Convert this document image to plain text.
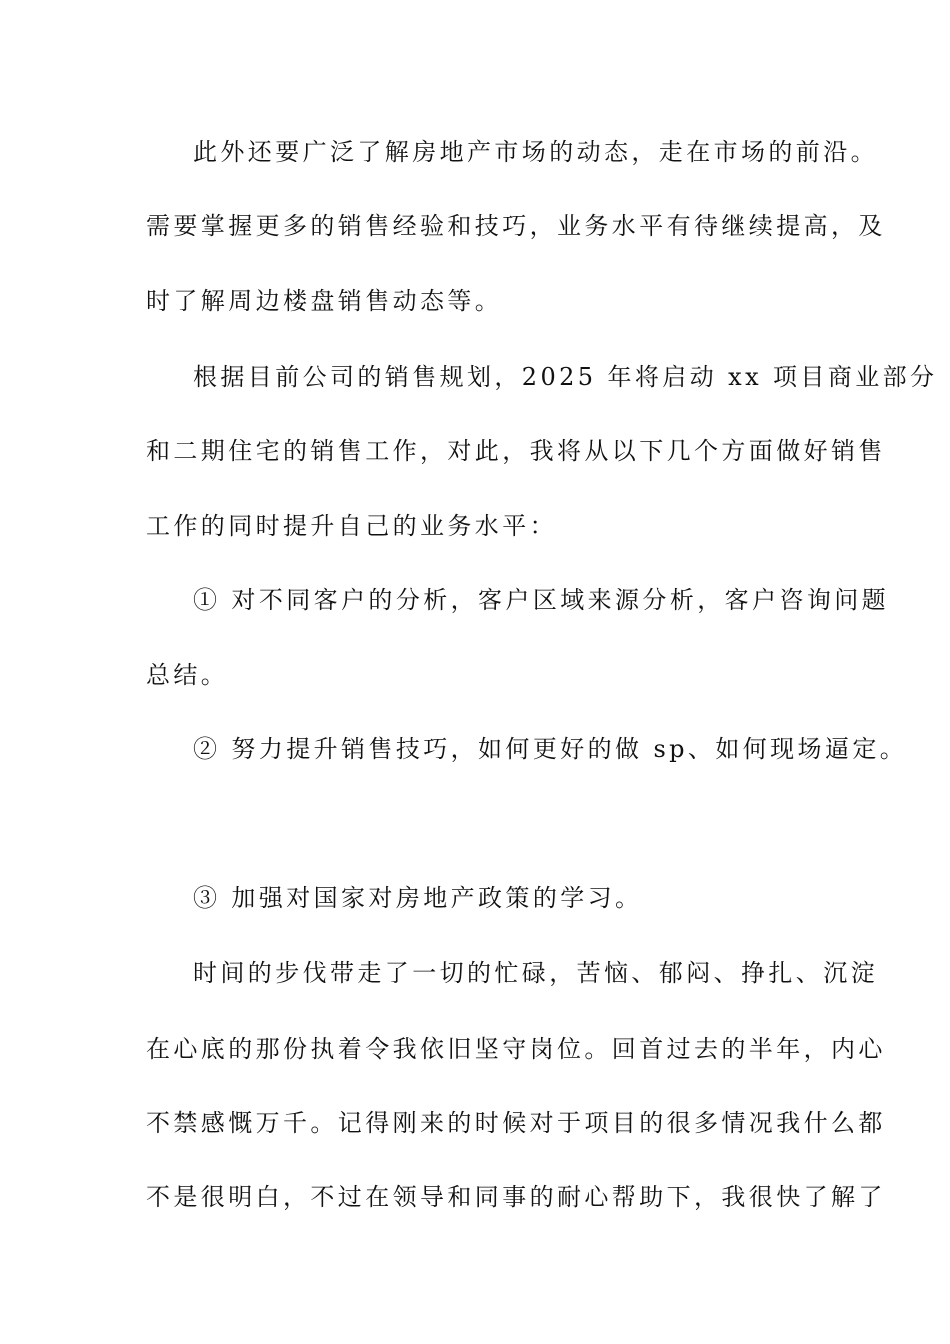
此外还要广泛了解房地产市场的动态，走在市场的前沿。

需要掌握更多的销售经验和技巧，业务水平有待继续提高，及

时了解周边楼盘销售动态等。

根据目前公司的销售规划，2025 年将启动 xx 项目商业部分

和二期住宅的销售工作，对此，我将从以下几个方面做好销售

工作的同时提升自己的业务水平：

① 对不同客户的分析，客户区域来源分析，客户咨询问题

总结。

② 努力提升销售技巧，如何更好的做 sp、如何现场逼定。

③ 加强对国家对房地产政策的学习。

时间的步伐带走了一切的忙碌，苦恼、郁闷、挣扎、沉淀

在心底的那份执着令我依旧坚守岗位。回首过去的半年，内心

不禁感慨万千。记得刚来的时候对于项目的很多情况我什么都

不是很明白，不过在领导和同事的耐心帮助下，我很快了解了
